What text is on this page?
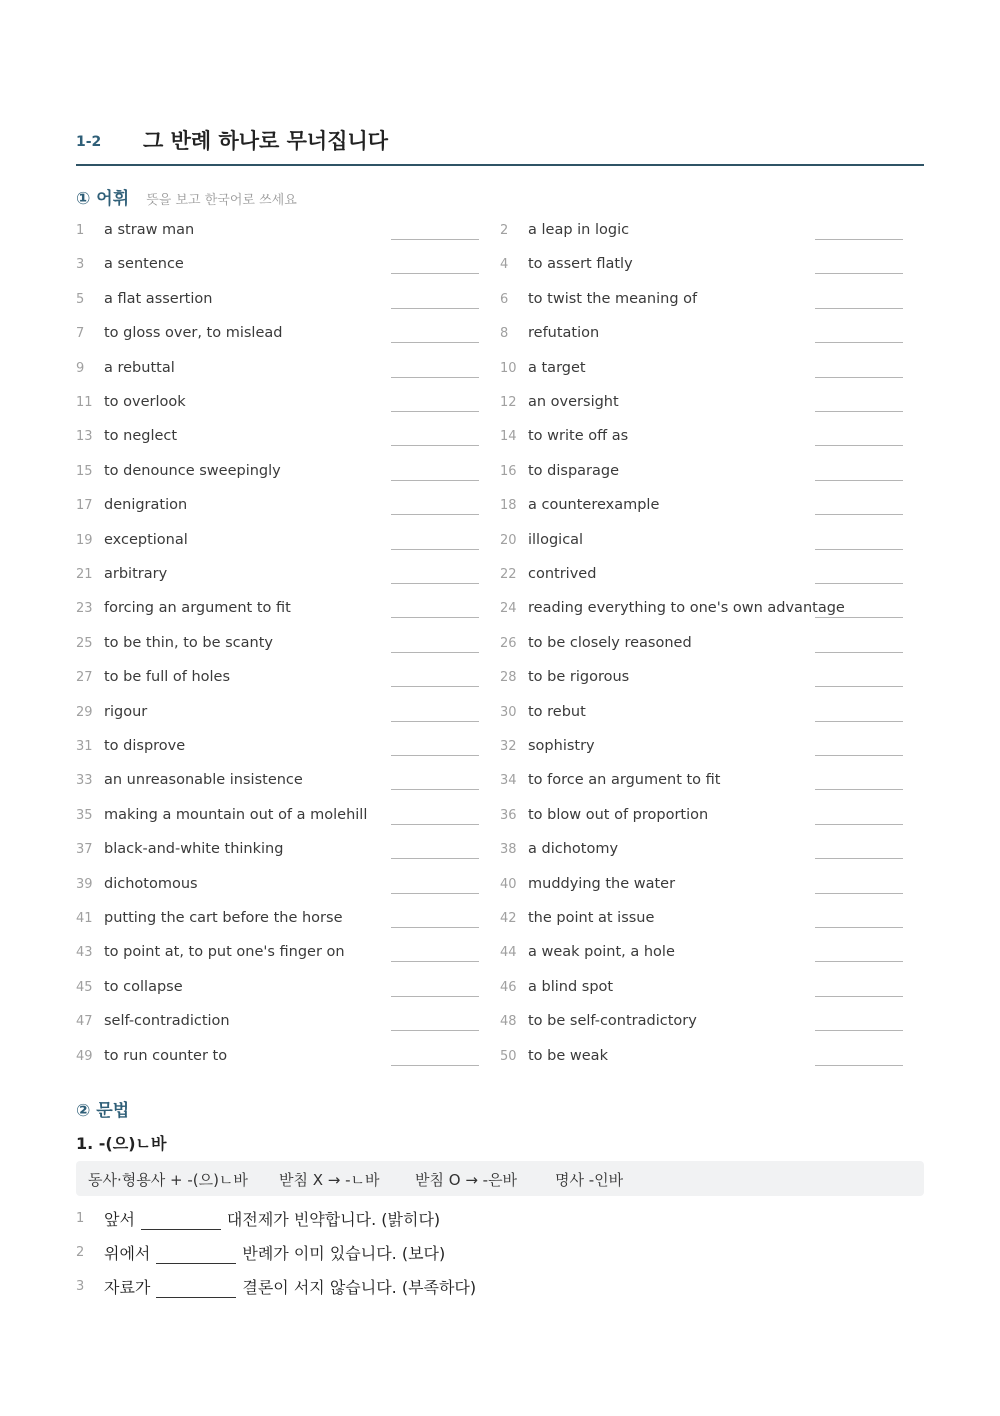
1-2 그 반례 하나로 무너집니다
① 어휘 뜻을 보고 한국어로 쓰세요
1	a straw man	2	a leap in logic
3	a sentence	4	to assert flatly
5	a flat assertion	6	to twist the meaning of
7	to gloss over, to mislead	8	refutation
9	a rebuttal	10 a target
11 to overlook	12 an oversight
13 to neglect	14 to write off as
15 to denounce sweepingly	16 to disparage
17 denigration	18 a counterexample
19 exceptional	20 illogical
21 arbitrary	22 contrived
23 forcing an argument to fit	24 reading everything to one's own advantage
25 to be thin, to be scanty	26 to be closely reasoned
27 to be full of holes	28 to be rigorous
29 rigour	30 to rebut
31 to disprove	32 sophistry
33 an unreasonable insistence	34 to force an argument to fit
35 making a mountain out of a molehill	36 to blow out of proportion
37 black-and-white thinking	38 a dichotomy
39 dichotomous	40 muddying the water
41 putting the cart before the horse	42 the point at issue
43 to point at, to put one's finger on	44 a weak point, a hole
45 to collapse	46 a blind spot
47 self-contradiction	48 to be self-contradictory
49 to run counter to	50 to be weak
② 문법
1. -(으)ㄴ바
동사·형용사 + -(으)ㄴ바 받침 X → -ㄴ바 받침 O → -은바	명사 -인바
1 앞서	대전제가 빈약합니다. (밝히다)
2 위에서	반례가 이미 있습니다. (보다)
3 자료가	결론이 서지 않습니다. (부족하다)
